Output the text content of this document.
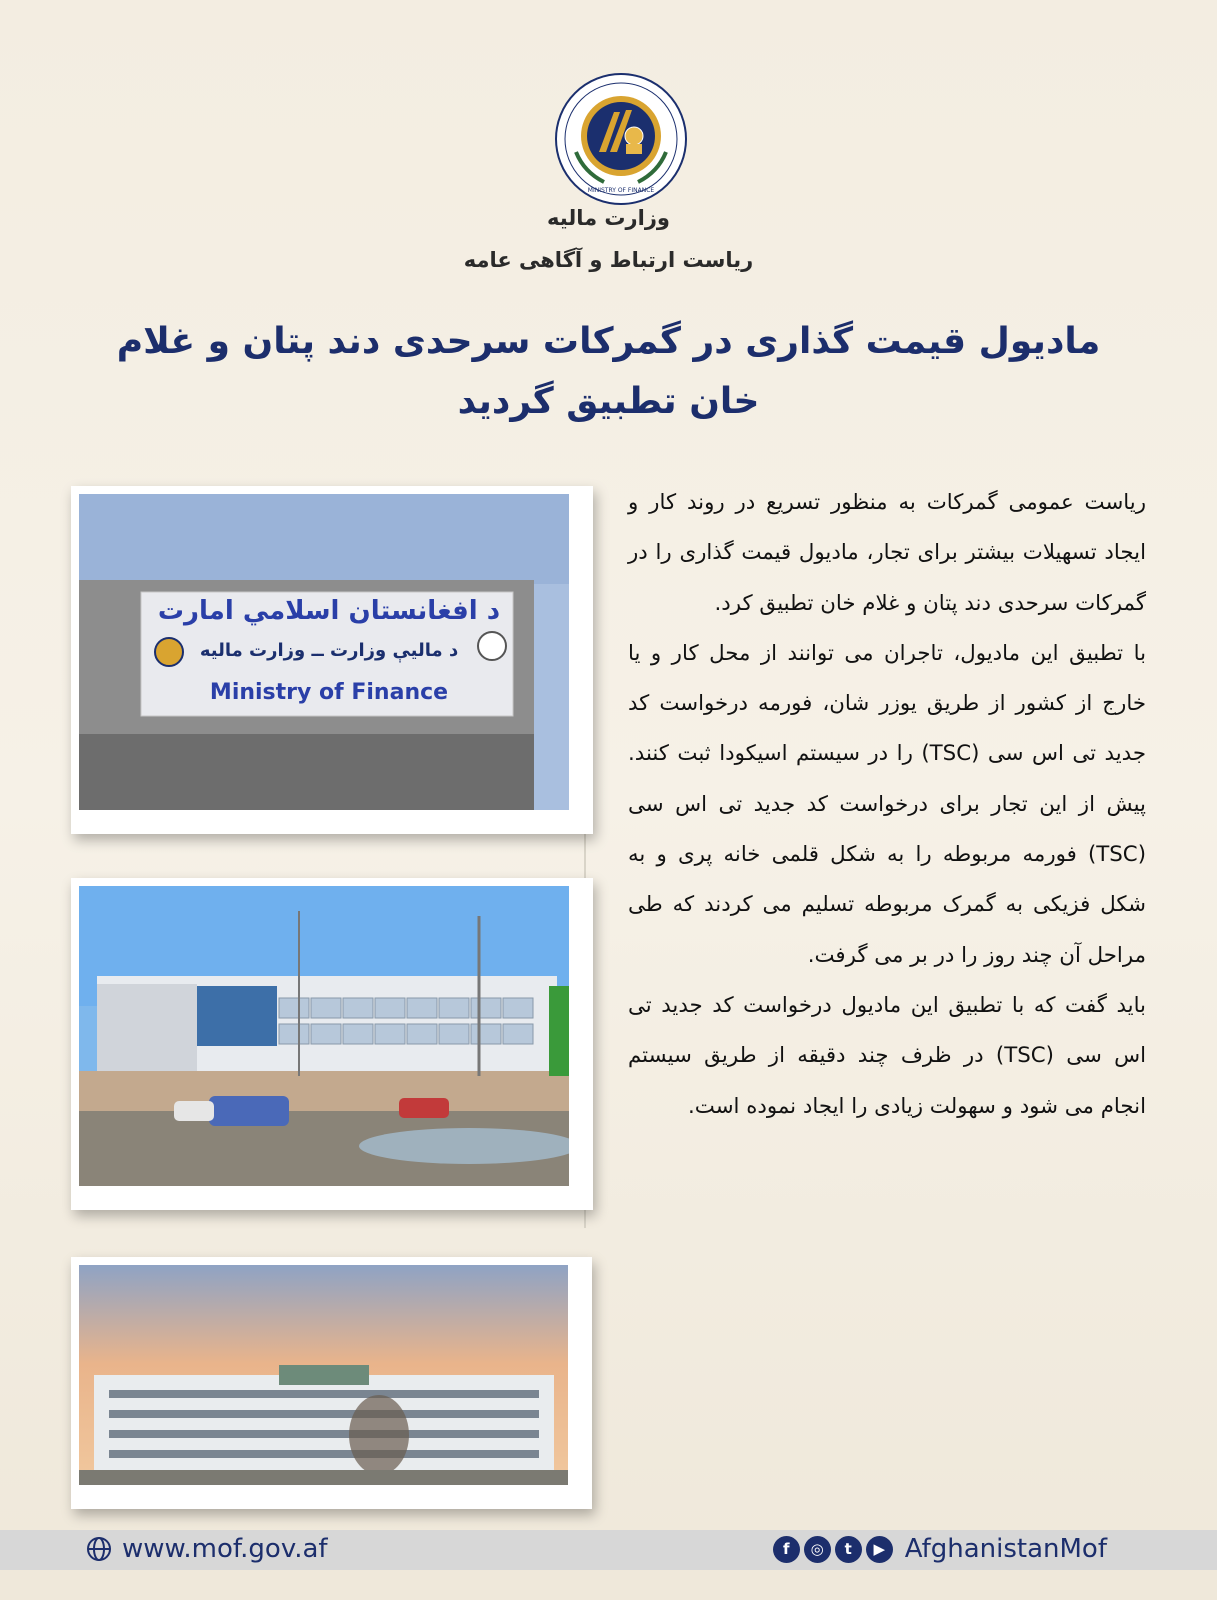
MINISTRY OF FINANCE
وزارت مالیه
ریاست ارتباط و آگاهی عامه
مادیول قیمت گذاری در گمرکات سرحدی دند پتان و غلام خان تطبیق گردید
د افغانستان اسلامي امارت
د مالیې وزارت ــ وزارت مالیه
Ministry of Finance

ریاست عمومی گمرکات به منظور تسریع در روند کار و ایجاد تسهیلات بیشتر برای تجار، مادیول قیمت گذاری را در گمرکات سرحدی دند پتان و غلام خان تطبیق کرد.

با تطبیق این مادیول، تاجران می توانند از محل کار و یا خارج از کشور از طریق یوزر شان، فورمه درخواست کد جدید تی اس سی (TSC) را در سیستم اسیکودا ثبت کنند. پیش از این تجار برای درخواست کد جدید تی اس سی (TSC) فورمه مربوطه را به شکل قلمی خانه پری و به شکل فزیکی به گمرک مربوطه تسلیم می کردند که طی مراحل آن چند روز را در بر می گرفت.

باید گفت که با تطبیق این مادیول درخواست کد جدید تی اس سی (TSC) در ظرف چند دقیقه از طریق سیستم انجام می شود و سهولت زیادی را ایجاد نموده است.

www.mof.gov.af	f	◎	t	▶ AfghanistanMof
